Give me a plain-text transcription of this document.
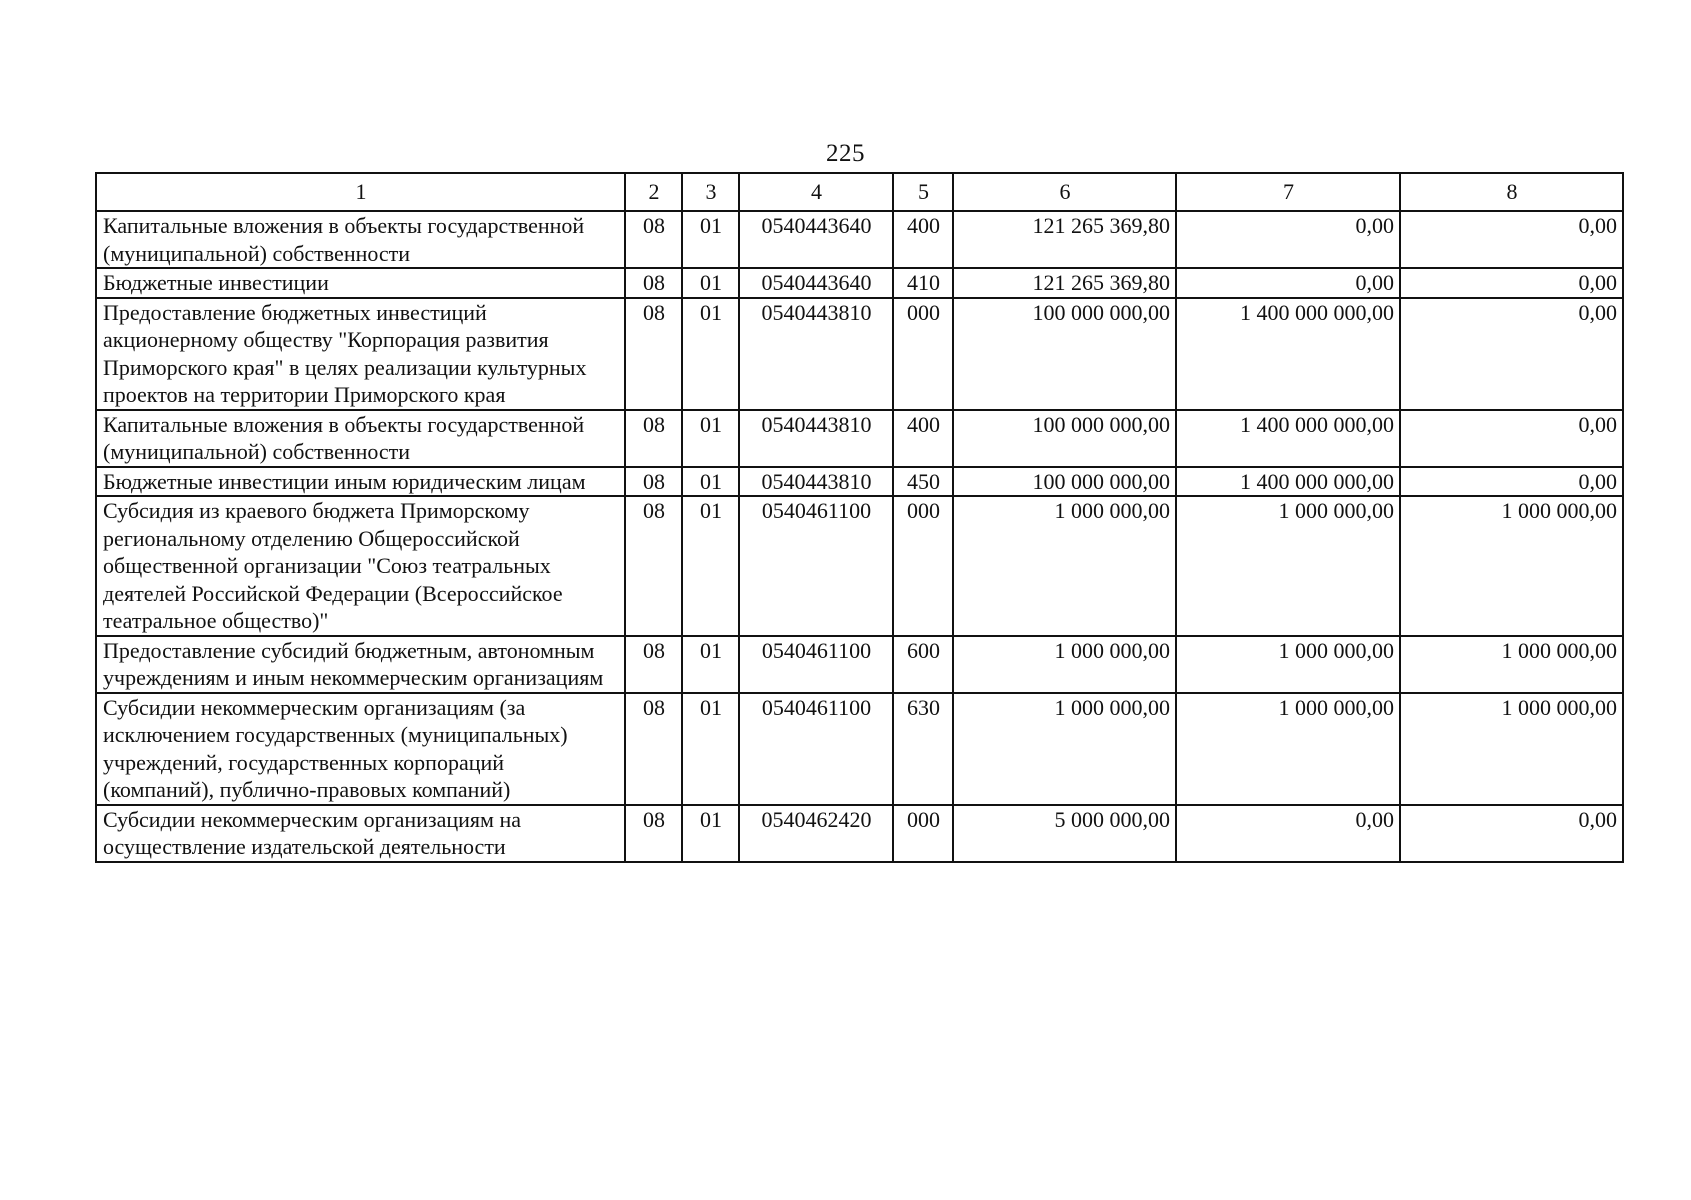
225
1	2	3	4	5	6	7	8
Капитальные вложения в объекты государственной (муниципальной) собственности	08	01	0540443640	400	121 265 369,80	0,00	0,00
Бюджетные инвестиции	08	01	0540443640	410	121 265 369,80	0,00	0,00
Предоставление бюджетных инвестиций акционерному обществу "Корпорация развития Приморского края" в целях реализации культурных проектов на территории Приморского края	08	01	0540443810	000	100 000 000,00	1 400 000 000,00	0,00
Капитальные вложения в объекты государственной (муниципальной) собственности	08	01	0540443810	400	100 000 000,00	1 400 000 000,00	0,00
Бюджетные инвестиции иным юридическим лицам	08	01	0540443810	450	100 000 000,00	1 400 000 000,00	0,00
Субсидия из краевого бюджета Приморскому региональному отделению Общероссийской общественной организации "Союз театральных деятелей Российской Федерации (Всероссийское театральное общество)"	08	01	0540461100	000	1 000 000,00	1 000 000,00	1 000 000,00
Предоставление субсидий бюджетным, автономным учреждениям и иным некоммерческим организациям	08	01	0540461100	600	1 000 000,00	1 000 000,00	1 000 000,00
Субсидии некоммерческим организациям (за исключением государственных (муниципальных) учреждений, государственных корпораций (компаний), публично-правовых компаний)	08	01	0540461100	630	1 000 000,00	1 000 000,00	1 000 000,00
Субсидии некоммерческим организациям на осуществление издательской деятельности	08	01	0540462420	000	5 000 000,00	0,00	0,00
